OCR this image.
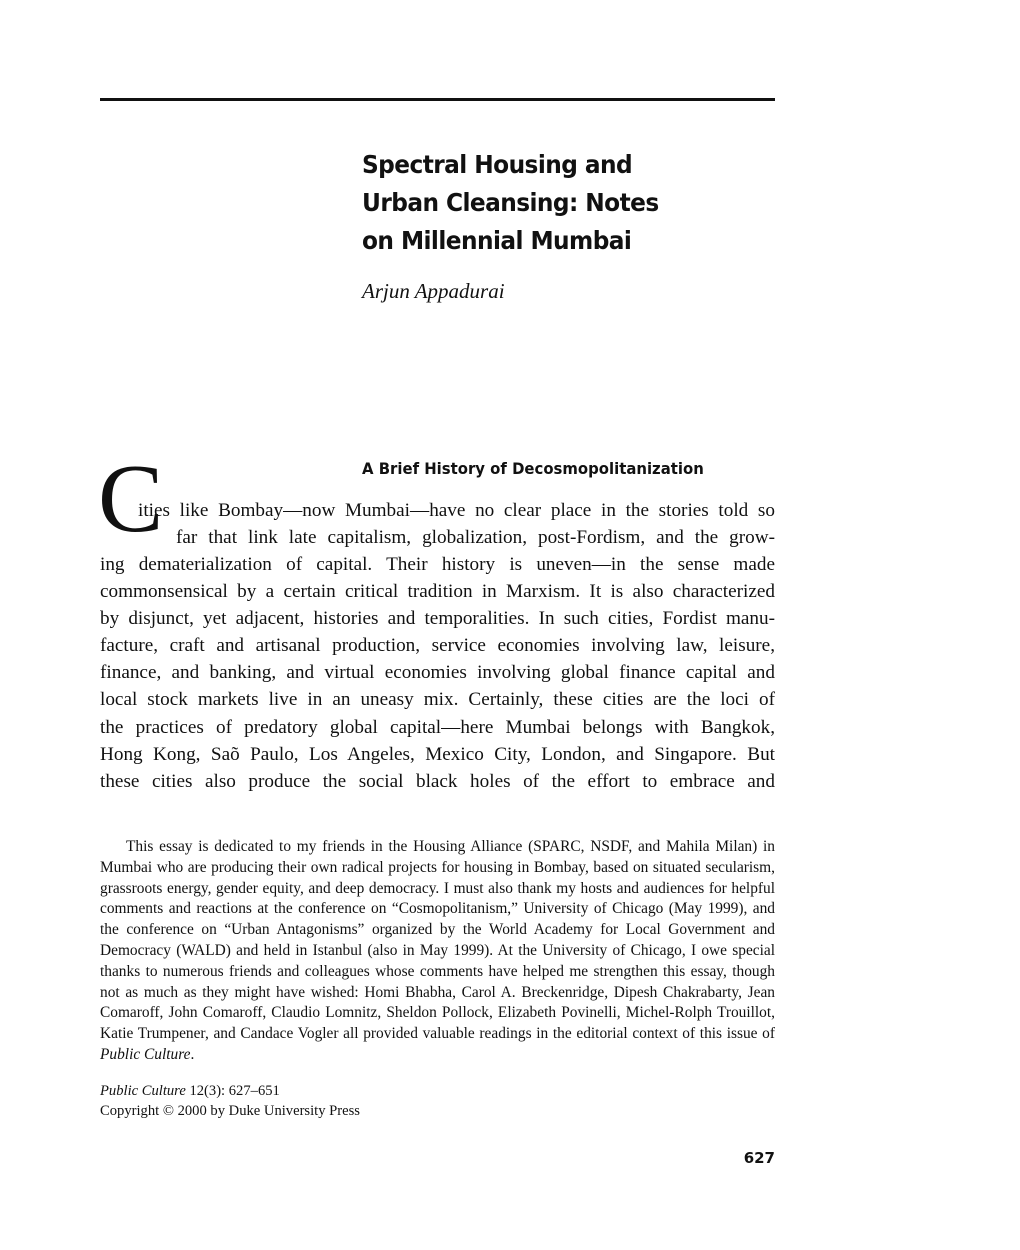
Spectral Housing and
Urban Cleansing: Notes
on Millennial Mumbai
Arjun Appadurai
A Brief History of Decosmopolitanization
C
ities like Bombay—now Mumbai—have no clear place in the stories told so
far that link late capitalism, globalization, post-Fordism, and the grow-
ing dematerialization of capital. Their history is uneven—in the sense made
commonsensical by a certain critical tradition in Marxism. It is also characterized
by disjunct, yet adjacent, histories and temporalities. In such cities, Fordist manu-
facture, craft and artisanal production, service economies involving law, leisure,
finance, and banking, and virtual economies involving global finance capital and
local stock markets live in an uneasy mix. Certainly, these cities are the loci of
the practices of predatory global capital—here Mumbai belongs with Bangkok,
Hong Kong, Saõ Paulo, Los Angeles, Mexico City, London, and Singapore. But
these cities also produce the social black holes of the effort to embrace and

This essay is dedicated to my friends in the Housing Alliance (SPARC, NSDF, and Mahila Milan) in Mumbai who are producing their own radical projects for housing in Bombay, based on situated secularism, grassroots energy, gender equity, and deep democracy. I must also thank my hosts and audiences for helpful comments and reactions at the conference on “Cosmopolitanism,” University of Chicago (May 1999), and the conference on “Urban Antagonisms” organized by the World Academy for Local Government and Democracy (WALD) and held in Istanbul (also in May 1999). At the University of Chicago, I owe special thanks to numerous friends and colleagues whose comments have helped me strengthen this essay, though not as much as they might have wished: Homi Bhabha, Carol A. Breckenridge, Dipesh Chakrabarty, Jean Comaroff, John Comaroff, Claudio Lomnitz, Sheldon Pollock, Elizabeth Povinelli, Michel-Rolph Trouillot, Katie Trumpener, and Candace Vogler all provided valuable readings in the editorial context of this issue of Public Culture.

Public Culture 12(3): 627–651
Copyright © 2000 by Duke University Press
627
